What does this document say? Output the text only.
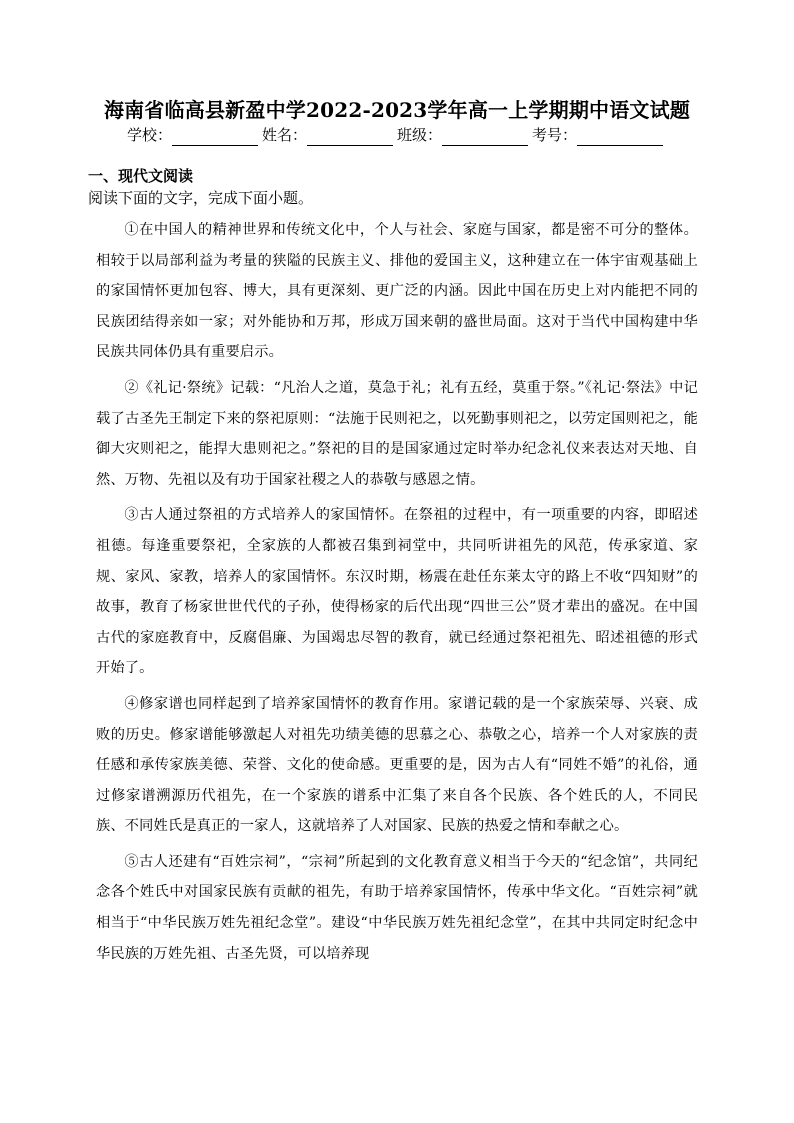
海南省临高县新盈中学2022-2023学年高一上学期期中语文试题
学校：	姓名：	班级：	考号：
一、现代文阅读
阅读下面的文字，完成下面小题。

①在中国人的精神世界和传统文化中，个人与社会、家庭与国家，都是密不可分的整体。相较于以局部利益为考量的狭隘的民族主义、排他的爱国主义，这种建立在一体宇宙观基础上的家国情怀更加包容、博大，具有更深刻、更广泛的内涵。因此中国在历史上对内能把不同的民族团结得亲如一家；对外能协和万邦，形成万国来朝的盛世局面。这对于当代中国构建中华民族共同体仍具有重要启示。

②《礼记·祭统》记载：“凡治人之道，莫急于礼；礼有五经，莫重于祭。”《礼记·祭法》中记载了古圣先王制定下来的祭祀原则：“法施于民则祀之，以死勤事则祀之，以劳定国则祀之，能御大灾则祀之，能捍大患则祀之。”祭祀的目的是国家通过定时举办纪念礼仪来表达对天地、自然、万物、先祖以及有功于国家社稷之人的恭敬与感恩之情。

③古人通过祭祖的方式培养人的家国情怀。在祭祖的过程中，有一项重要的内容，即昭述祖德。每逢重要祭祀，全家族的人都被召集到祠堂中，共同听讲祖先的风范，传承家道、家规、家风、家教，培养人的家国情怀。东汉时期，杨震在赴任东莱太守的路上不收“四知财”的故事，教育了杨家世世代代的子孙，使得杨家的后代出现“四世三公”贤才辈出的盛况。在中国古代的家庭教育中，反腐倡廉、为国竭忠尽智的教育，就已经通过祭祀祖先、昭述祖德的形式开始了。

④修家谱也同样起到了培养家国情怀的教育作用。家谱记载的是一个家族荣辱、兴衰、成败的历史。修家谱能够激起人对祖先功绩美德的思慕之心、恭敬之心，培养一个人对家族的责任感和承传家族美德、荣誉、文化的使命感。更重要的是，因为古人有“同姓不婚”的礼俗，通过修家谱溯源历代祖先，在一个家族的谱系中汇集了来自各个民族、各个姓氏的人，不同民族、不同姓氏是真正的一家人，这就培养了人对国家、民族的热爱之情和奉献之心。

⑤古人还建有“百姓宗祠”，“宗祠”所起到的文化教育意义相当于今天的“纪念馆”，共同纪念各个姓氏中对国家民族有贡献的祖先，有助于培养家国情怀，传承中华文化。“百姓宗祠”就相当于“中华民族万姓先祖纪念堂”。建设“中华民族万姓先祖纪念堂”，在其中共同定时纪念中华民族的万姓先祖、古圣先贤，可以培养现
